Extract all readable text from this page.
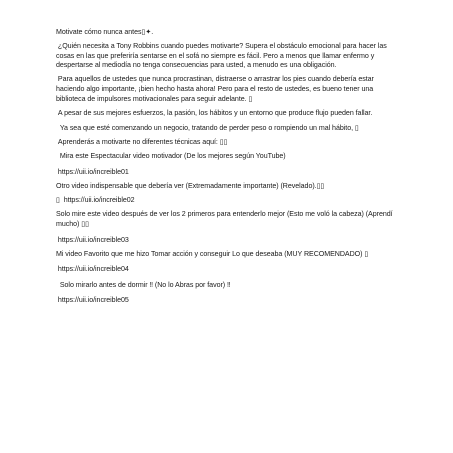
Motivate cómo nunca antes▯✦.

¿Quién necesita a Tony Robbins cuando puedes motivarte? Supera el obstáculo emocional para hacer las cosas en las que preferiría sentarse en el sofá no siempre es fácil. Pero a menos que llamar enfermo y despertarse al mediodía no tenga consecuencias para usted, a menudo es una obligación.

Para aquellos de ustedes que nunca procrastinan, distraerse o arrastrar los pies cuando debería estar haciendo algo importante, ¡bien hecho hasta ahora! Pero para el resto de ustedes, es bueno tener una biblioteca de impulsores motivacionales para seguir adelante. ▯

A pesar de sus mejores esfuerzos, la pasión, los hábitos y un entorno que produce flujo pueden fallar.

Ya sea que esté comenzando un negocio, tratando de perder peso o rompiendo un mal hábito, ▯

Aprenderás a motivarte no diferentes técnicas aquí: ▯▯

Mira este Espectacular video motivador (De los mejores según YouTube)

https://uii.io/increible01

Otro video indispensable que debería ver (Extremadamente importante) (Revelado).▯▯

▯  https://uii.io/increible02

Solo mire este video después de ver los 2 primeros para entenderlo mejor (Esto me voló la cabeza) (Aprendí mucho) ▯▯

https://uii.io/increible03

Mi video Favorito que me hizo Tomar acción y conseguir Lo que deseaba (MUY RECOMENDADO) ▯

https://uii.io/increible04

Solo mirarlo antes de dormir ‼ (No lo Abras por favor) ‼

https://uii.io/increible05
